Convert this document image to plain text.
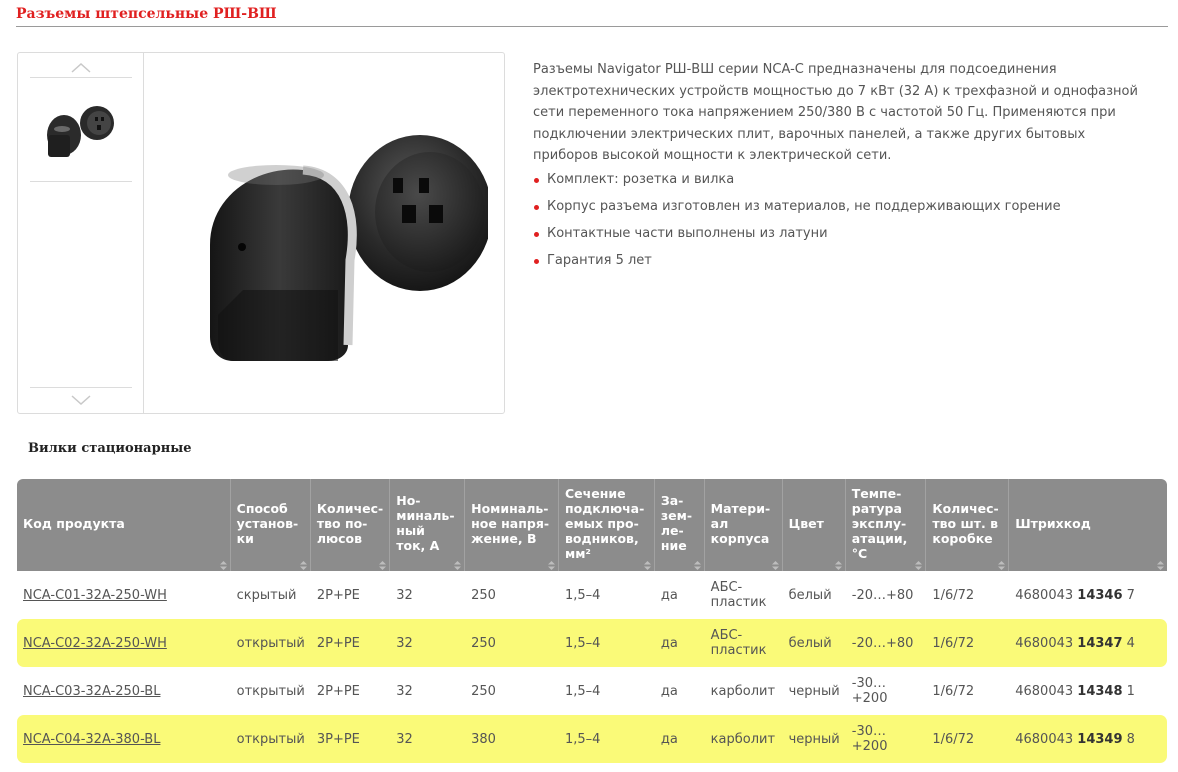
Разъемы штепсельные РШ-ВШ

Разъемы Navigator РШ-ВШ серии NCA-C предназначены для подсоединения электротехнических устройств мощностью до 7 кВт (32 А) к трехфазной и однофазной сети переменного тока напряжением 250/380 В с частотой 50 Гц. Применяются при подключении электрических плит, варочных панелей, а также других бытовых приборов высокой мощности к электрической сети.

Комплект: розетка и вилка
Корпус разъема изготовлен из материалов, не поддерживающих горение
Контактные части выполнены из латуни
Гарантия 5 лет
Вилки стационарные
Код продукта	Способ установ-ки	Количес-тво по-люсов	Но-миналь-ный ток, А	Номиналь-ное напря-жение, В	Сечение подключа-емых про-водников, мм²	За-зем-ле-ние	Матери-ал корпуса	Цвет	Темпе-ратура эксплу-атации, °С	Количес-тво шт. в коробке	Штрихкод

NCA-C01-32A-250-WH	скрытый	2P+PE	32	250	1,5–4	да	АБС-пластик	белый	-20…+80	1/6/72	4680043 14346 7
NCA-C02-32A-250-WH	открытый	2P+PE	32	250	1,5–4	да	АБС-пластик	белый	-20…+80	1/6/72	4680043 14347 4
NCA-C03-32A-250-BL	открытый	2P+PE	32	250	1,5–4	да	карболит	черный	-30…+200	1/6/72	4680043 14348 1
NCA-C04-32A-380-BL	открытый	3P+PE	32	380	1,5–4	да	карболит	черный	-30…+200	1/6/72	4680043 14349 8
